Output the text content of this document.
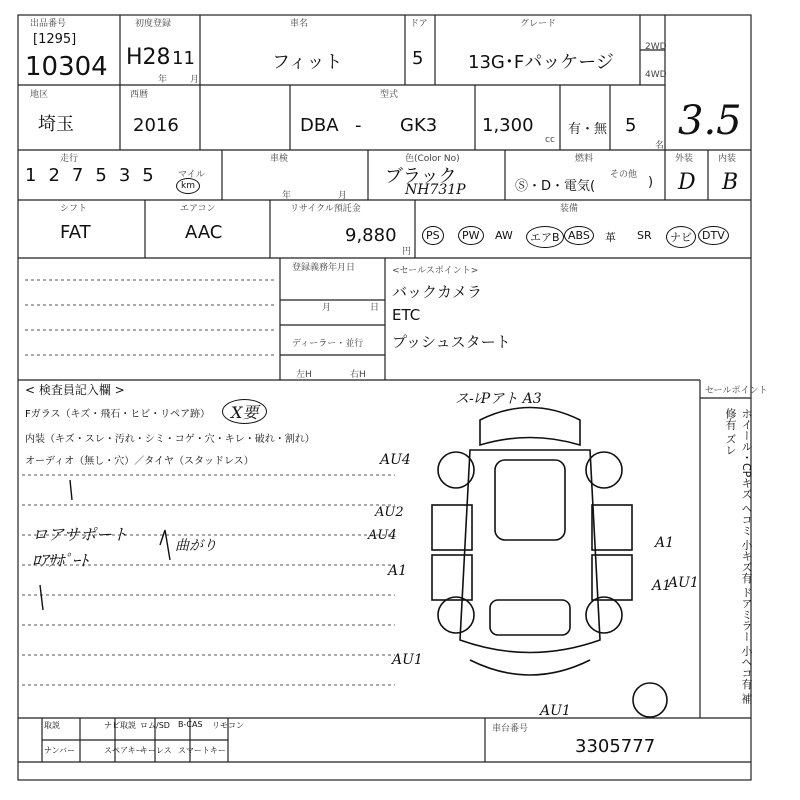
出品番号
[1295]
10304
初度登録
H28 11
年	月
車名
フィット
ドア
5
グレード
13G･Fパッケージ
2WD
4WD
3.5
地区
埼玉
西暦
2016
型式
DBA - GK3 1,300
cc
有・無 5
名
走行
127535 マイル
km
車検
年	月
色(Color No)
ブラック
NH731P
燃料
Ⓢ・D・電気(
その他 )
外装	内装
D B
シフト
FAT
エアコン
AAC
リサイクル預託金
9,880
円
装備
PS	PW	AW	エアB ABS	革 SR	ナビ DTV
登録義務年月日
月	日
ディーラー・並行
左H	右H
<セールスポイント>
バックカメラ
ETC
プッシュスタート
< 検査員記入欄 >
Fガラス（キズ・飛石・ヒビ・リペア跡）	X要
内装（キズ・スレ・汚れ・シミ・コゲ・穴・キレ・破れ・割れ）
オーディオ（無し・穴）／タイヤ（スタッドレス）
ロアサポート
ﾛｱｻﾎﾟｰﾄ
曲がり
ス-ﾚPアト A3
AU4
AU2
AU4
A1
AU1
A1
A1
AU1
AU1
セールポイント
ホイール・CPキズ ヘコミ 小キズ有 ドアミラー 小ヘコ有 補修有 ズレ
取説	ナビ取説 ロム/SD B-CAS リモコン
ナンバー	スペアキー
キーレス スマートキー
車台番号
3305777
